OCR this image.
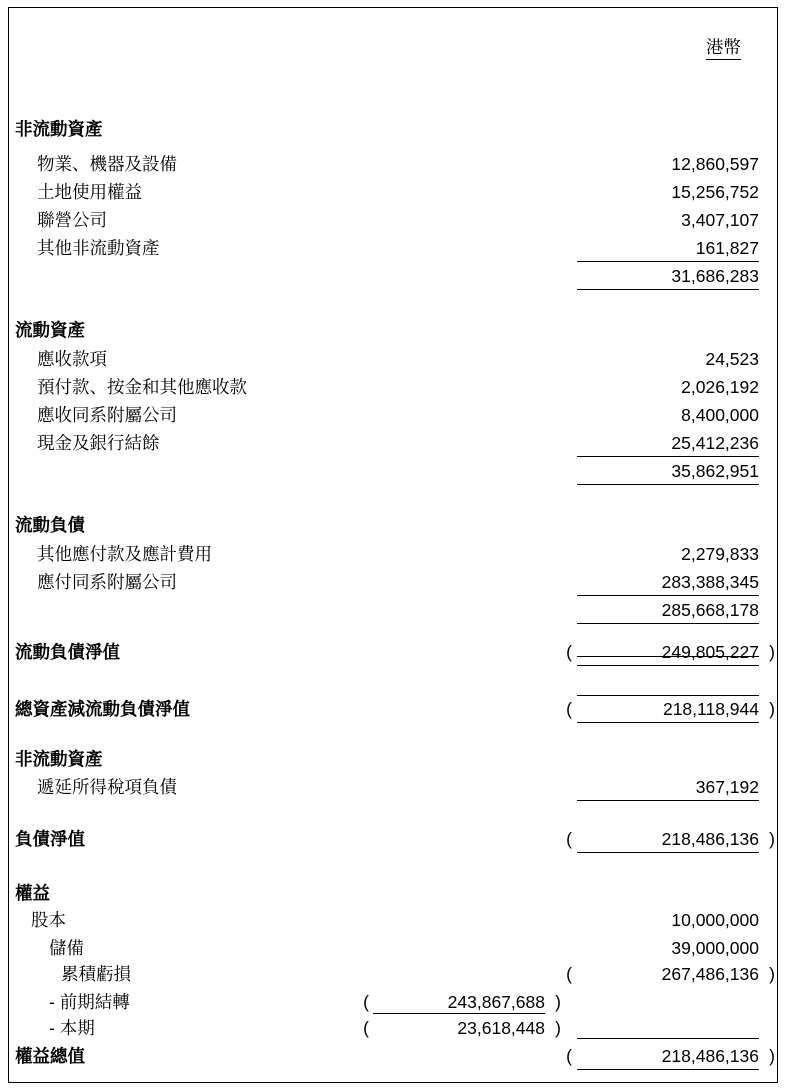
港幣
非流動資產
物業、機器及設備	12,860,597
土地使用權益	15,256,752
聯營公司	3,407,107
其他非流動資產	161,827
31,686,283
流動資產
應收款項	24,523
預付款、按金和其他應收款	2,026,192
應收同系附屬公司	8,400,000
現金及銀行結餘	25,412,236
35,862,951
流動負債
其他應付款及應計費用	2,279,833
應付同系附屬公司	283,388,345
285,668,178
流動負債淨值	(	249,805,227 )
總資產減流動負債淨值	(	218,118,944 )
非流動資產
遞延所得稅項負債	367,192
負債淨值	(	218,486,136 )
權益
股本	10,000,000
儲備	39,000,000
累積虧損	(	267,486,136 )
- 前期結轉	(	243,867,688 )
- 本期	(	23,618,448 )
權益總值	(	218,486,136 )
